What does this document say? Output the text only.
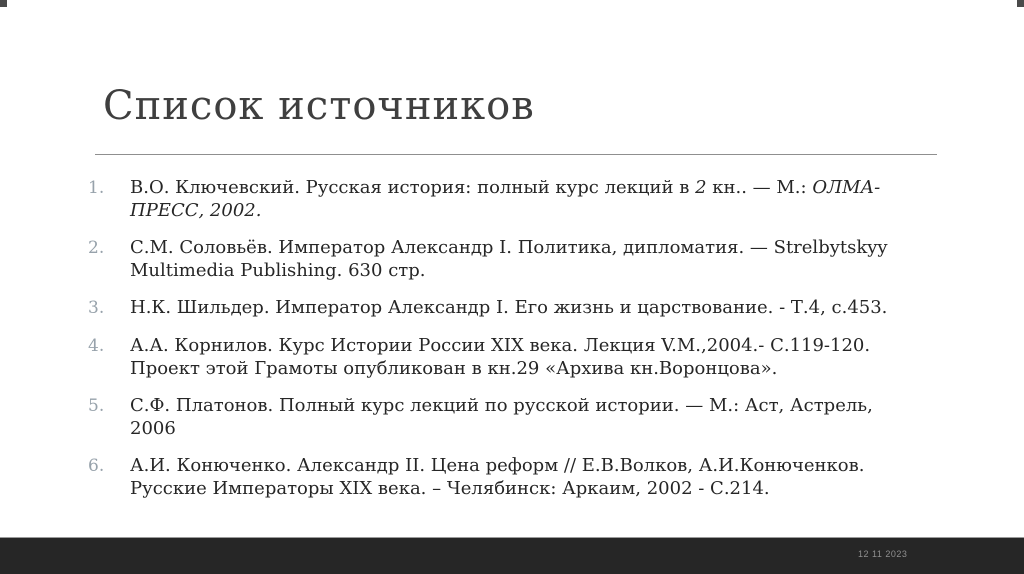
Список источников
1.	В.О. Ключевский. Русская история: полный курс лекций в 2 кн.. — М.: ОЛМА-ПРЕСС, 2002.
2.	С.М. Соловьёв. Император Александр I. Политика, дипломатия. — Strelbytskyy Multimedia Publishing. 630 стр.
3.	Н.К. Шильдер. Император Александр I. Его жизнь и царствование. - Т.4, с.453.
4.	А.А. Корнилов. Курс Истории России XIX века. Лекция V.М.,2004.- С.119-120. Проект этой Грамоты опубликован в кн.29 «Архива кн.Воронцова».
5.	С.Ф. Платонов. Полный курс лекций по русской истории. — М.: Аст, Астрель, 2006
6.	А.И. Конюченко. Александр II. Цена реформ // Е.В.Волков, А.И.Конюченков. Русские Императоры XIX века. – Челябинск: Аркаим, 2002 - С.214.
12 11 2023
